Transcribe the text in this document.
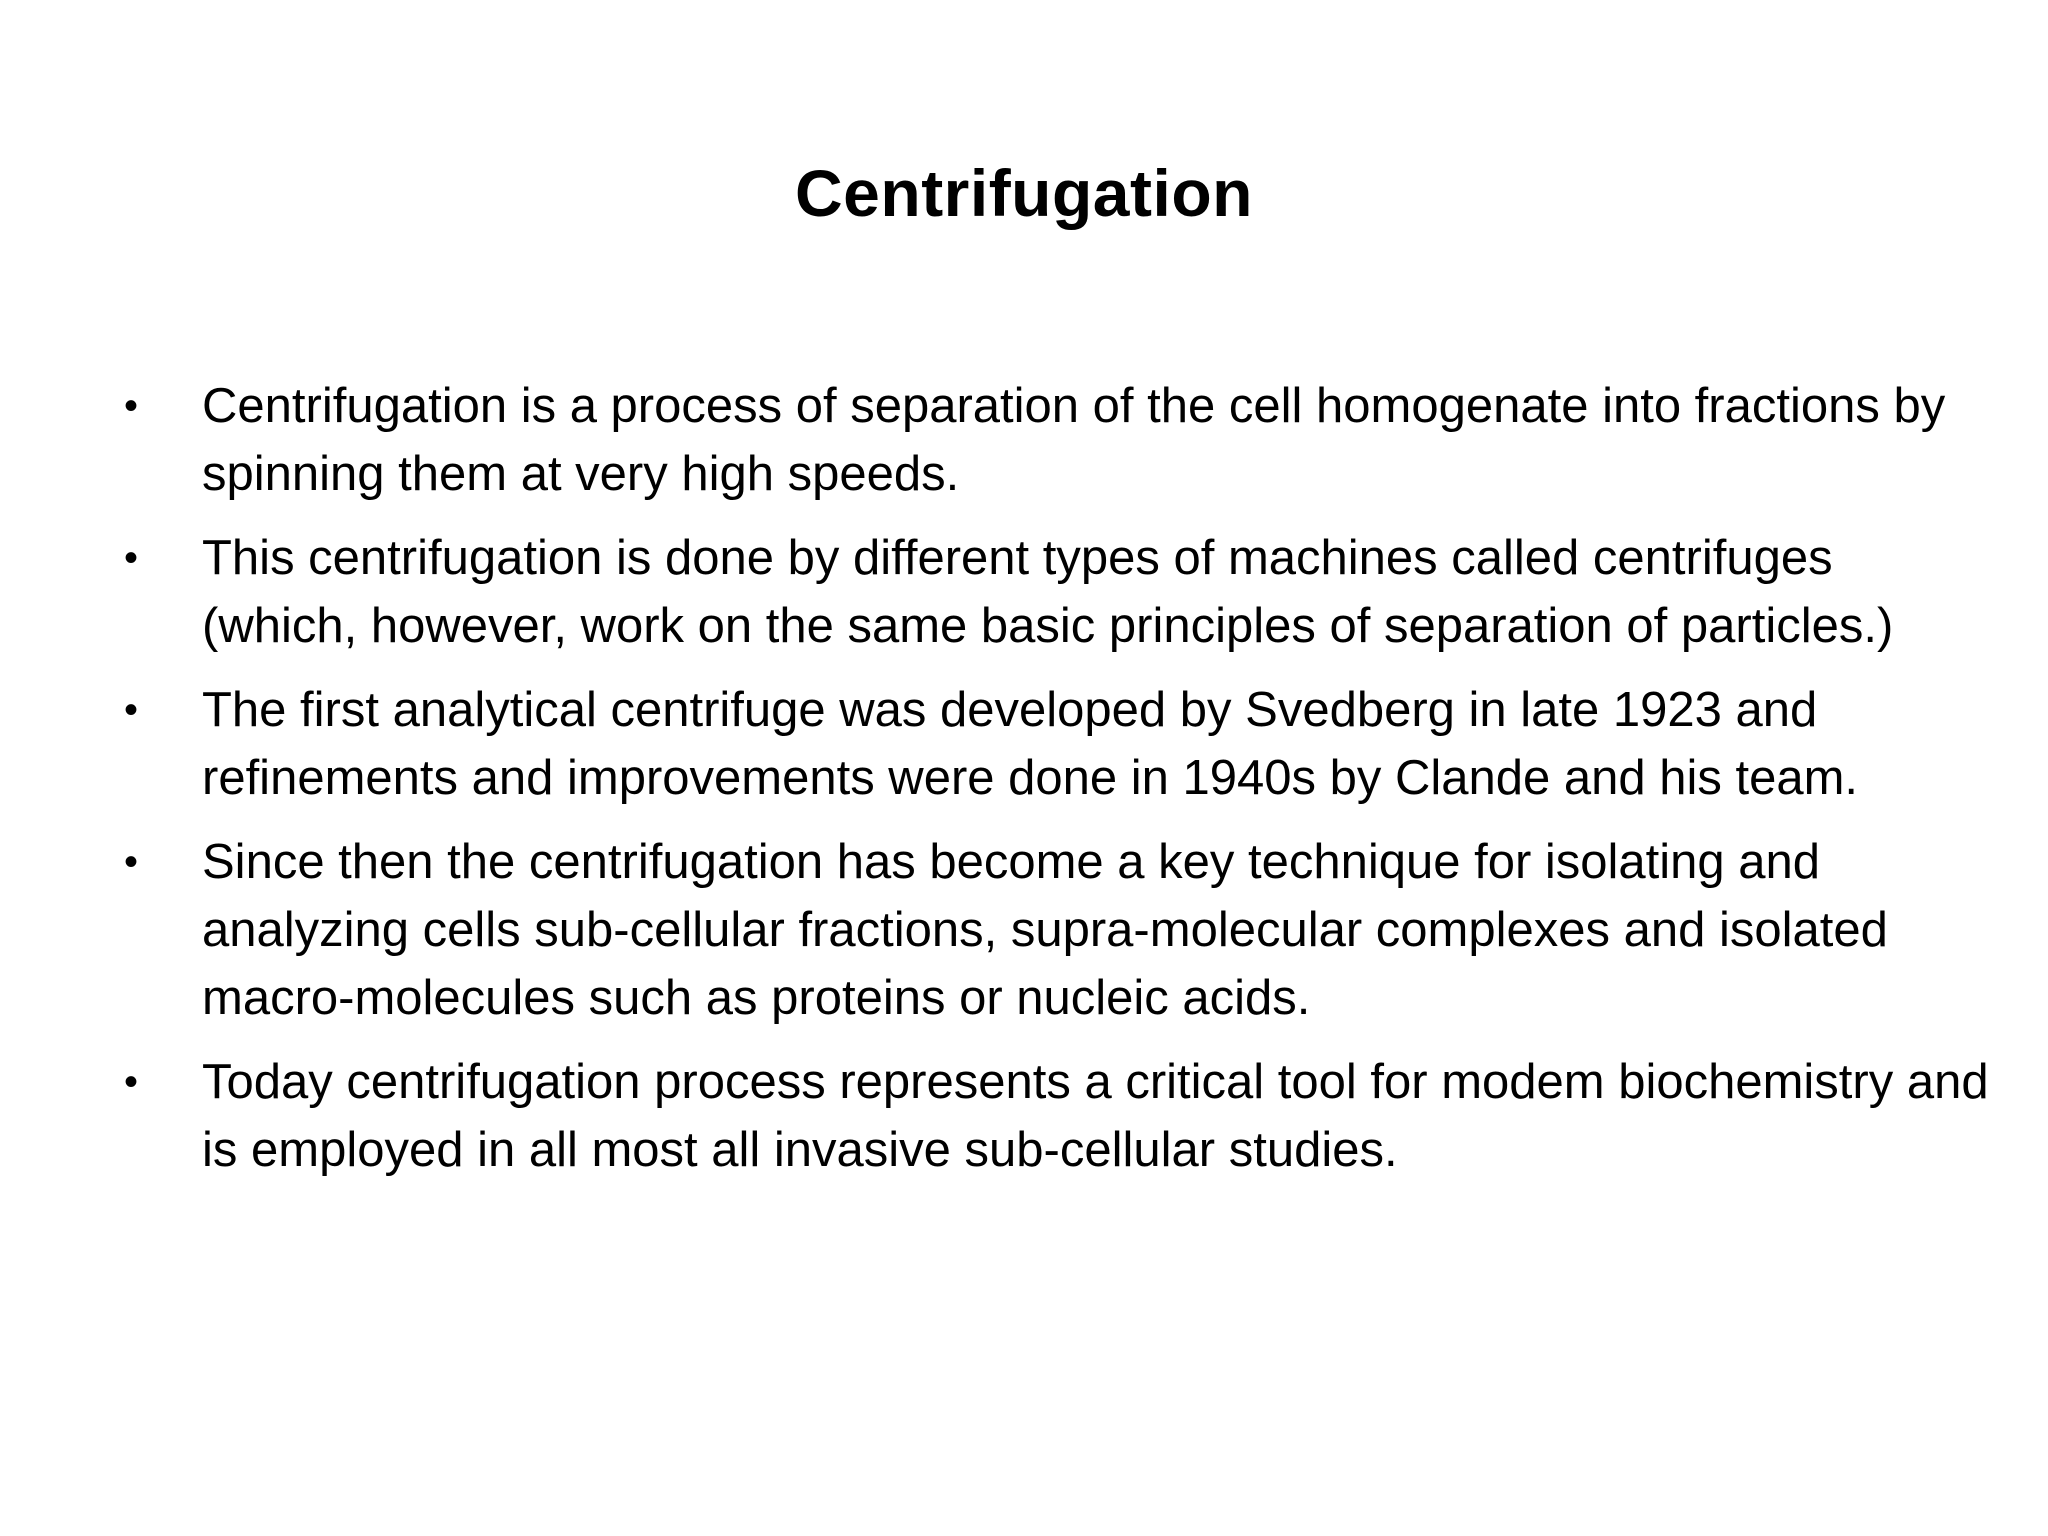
Centrifugation
• Centrifugation is a process of separation of the cell homogenate into fractions by spinning them at very high speeds.
• This centrifugation is done by different types of machines called centrifuges (which, however, work on the same basic principles of separation of particles.)
• The first analytical centrifuge was developed by Svedberg in late 1923 and refinements and improvements were done in 1940s by Clande and his team.
• Since then the centrifugation has become a key technique for isolating and analyzing cells sub-cellular fractions, supra-molecular complexes and isolated macro-molecules such as proteins or nucleic acids.
• Today centrifugation process represents a critical tool for modem biochemistry and is employed in all most all invasive sub-cellular studies.
